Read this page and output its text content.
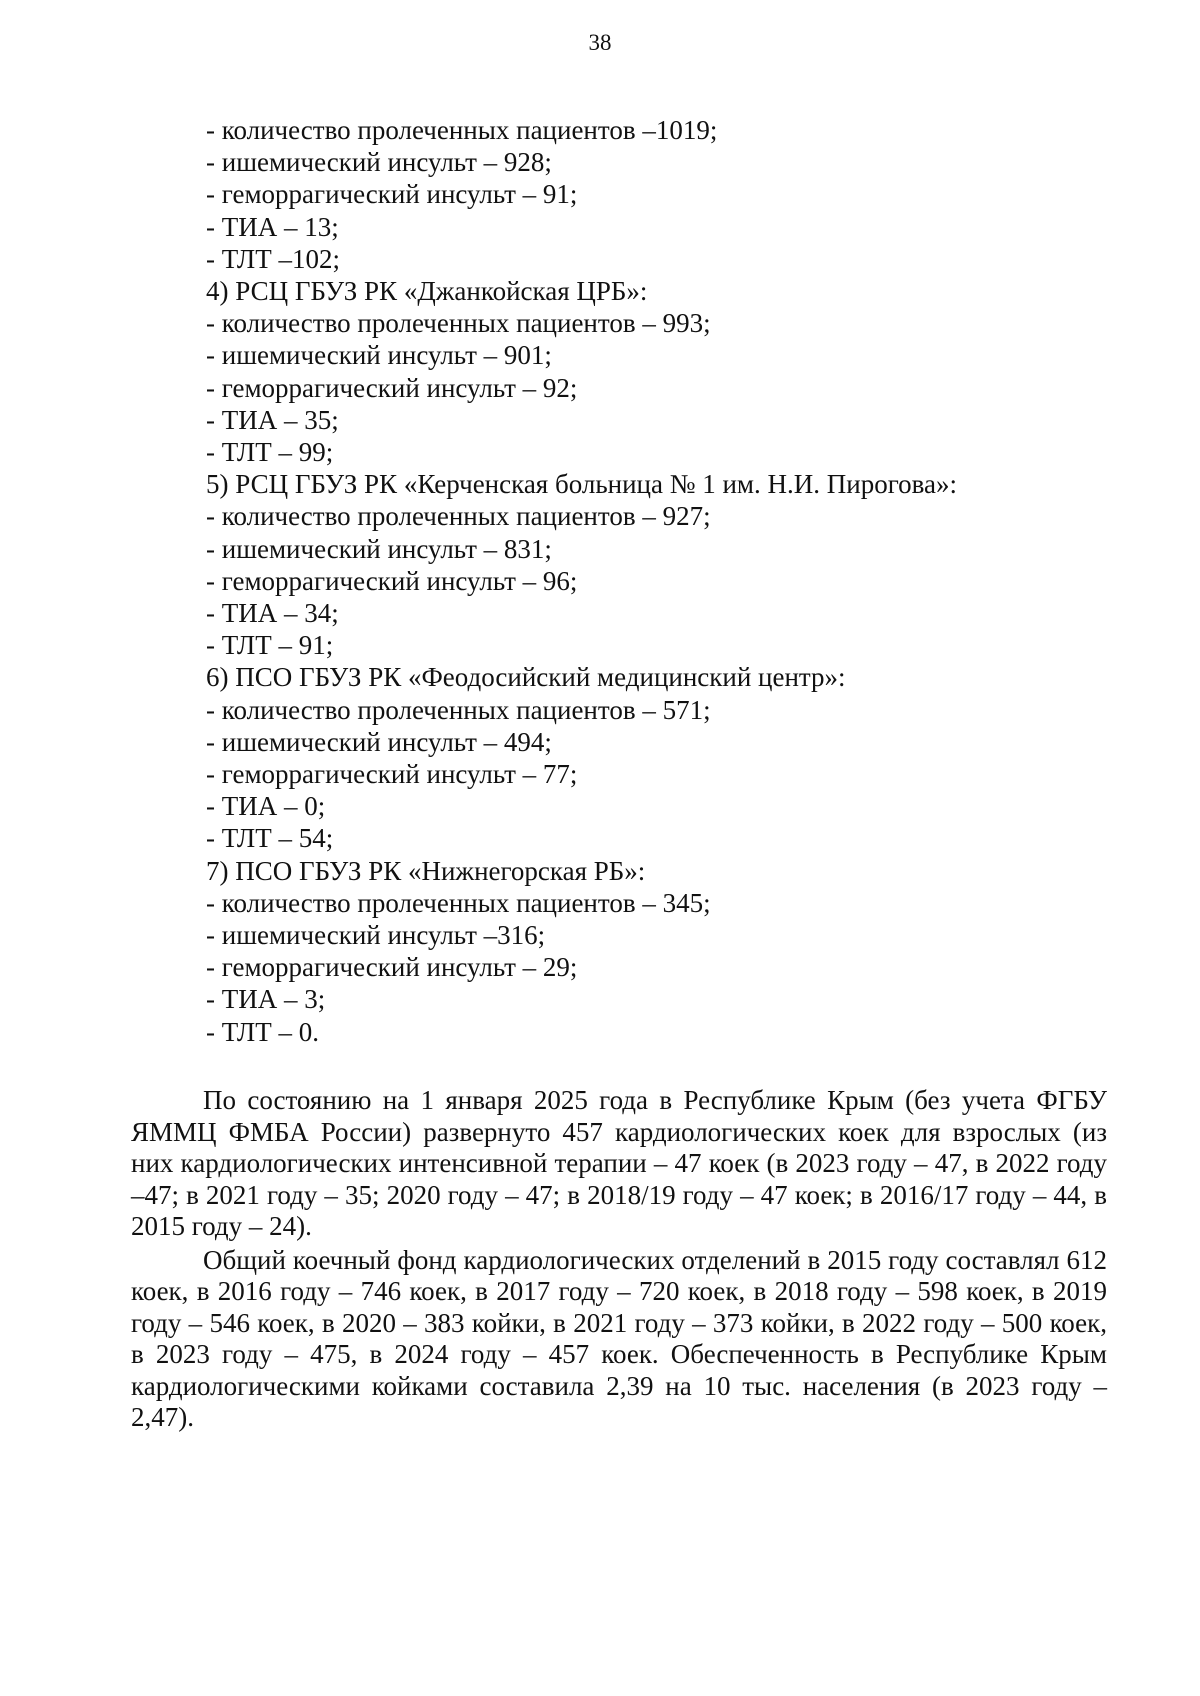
38
- количество пролеченных пациентов –1019;
- ишемический инсульт – 928;
- геморрагический инсульт – 91;
- ТИА – 13;
- ТЛТ –102;
4) РСЦ ГБУЗ РК «Джанкойская ЦРБ»:
- количество пролеченных пациентов – 993;
- ишемический инсульт – 901;
- геморрагический инсульт – 92;
- ТИА – 35;
- ТЛТ – 99;
5) РСЦ ГБУЗ РК «Керченская больница № 1 им. Н.И. Пирогова»:
- количество пролеченных пациентов – 927;
- ишемический инсульт – 831;
- геморрагический инсульт – 96;
- ТИА – 34;
- ТЛТ – 91;
6) ПСО ГБУЗ РК «Феодосийский медицинский центр»:
- количество пролеченных пациентов – 571;
- ишемический инсульт – 494;
- геморрагический инсульт – 77;
- ТИА – 0;
- ТЛТ – 54;
7) ПСО ГБУЗ РК «Нижнегорская РБ»:
- количество пролеченных пациентов – 345;
- ишемический инсульт –316;
- геморрагический инсульт – 29;
- ТИА – 3;
- ТЛТ – 0.

По состоянию на 1 января 2025 года в Республике Крым (без учета ФГБУ ЯММЦ ФМБА России) развернуто 457 кардиологических коек для взрослых (из них кардиологических интенсивной терапии – 47 коек (в 2023 году – 47, в 2022 году –47; в 2021 году – 35; 2020 году – 47; в 2018/19 году – 47 коек; в 2016/17 году – 44, в 2015 году – 24).

Общий коечный фонд кардиологических отделений в 2015 году составлял 612 коек, в 2016 году – 746 коек, в 2017 году – 720 коек, в 2018 году – 598 коек, в 2019 году – 546 коек, в 2020 – 383 койки, в 2021 году – 373 койки, в 2022 году – 500 коек, в 2023 году – 475, в 2024 году – 457 коек. Обеспеченность в Республике Крым кардиологическими койками составила 2,39 на 10 тыс. населения (в 2023 году – 2,47).
